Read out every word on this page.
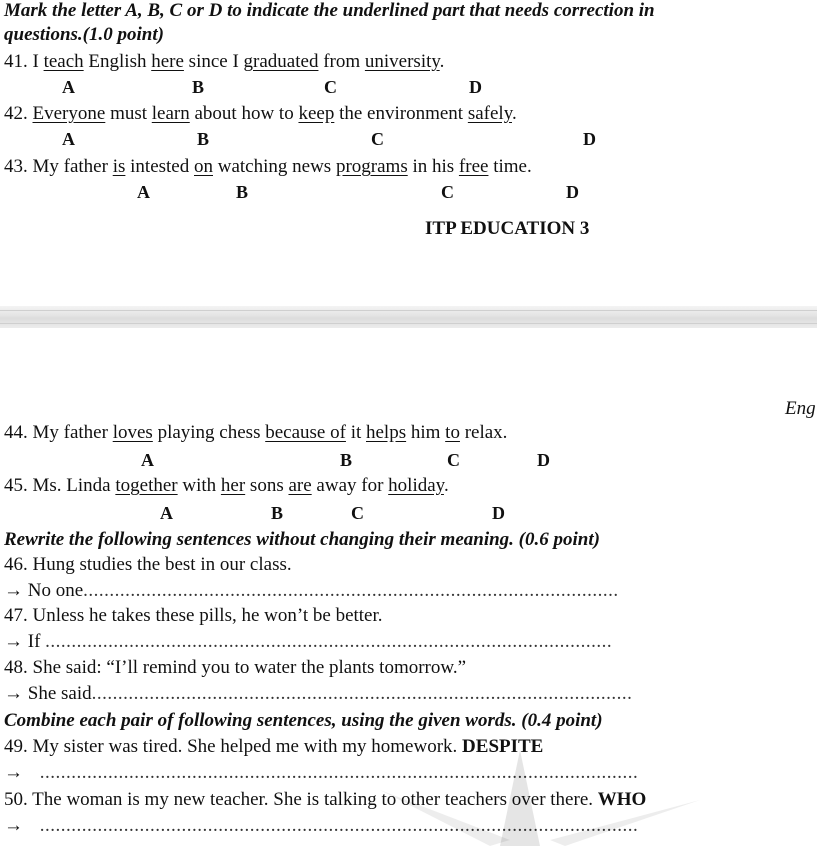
Mark the letter A, B, C or D to indicate the underlined part that needs correction in
questions.(1.0 point)
41. I teach English here since I graduated from university.
A	B	C	D
42. Everyone must learn about how to keep the environment safely.
A	B	C	D
43. My father is intested on watching news programs in his free time.
A	B	C	D
ITP EDUCATION 3
Eng
44. My father loves playing chess because of it helps him to relax.
A	B	C	D
45. Ms. Linda together with her sons are away for holiday.
A	B	C	D
Rewrite the following sentences without changing their meaning. (0.6 point)
46. Hung studies the best in our class.
→ No one......................................................................................................
47. Unless he takes these pills, he won’t be better.
→ If ............................................................................................................
48. She said: “I’ll remind you to water the plants tomorrow.”
→ She said.......................................................................................................
Combine each pair of following sentences, using the given words. (0.4 point)
49. My sister was tired. She helped me with my homework. DESPITE
→ ..................................................................................................................
50. The woman is my new teacher. She is talking to other teachers over there. WHO
→ ..................................................................................................................
